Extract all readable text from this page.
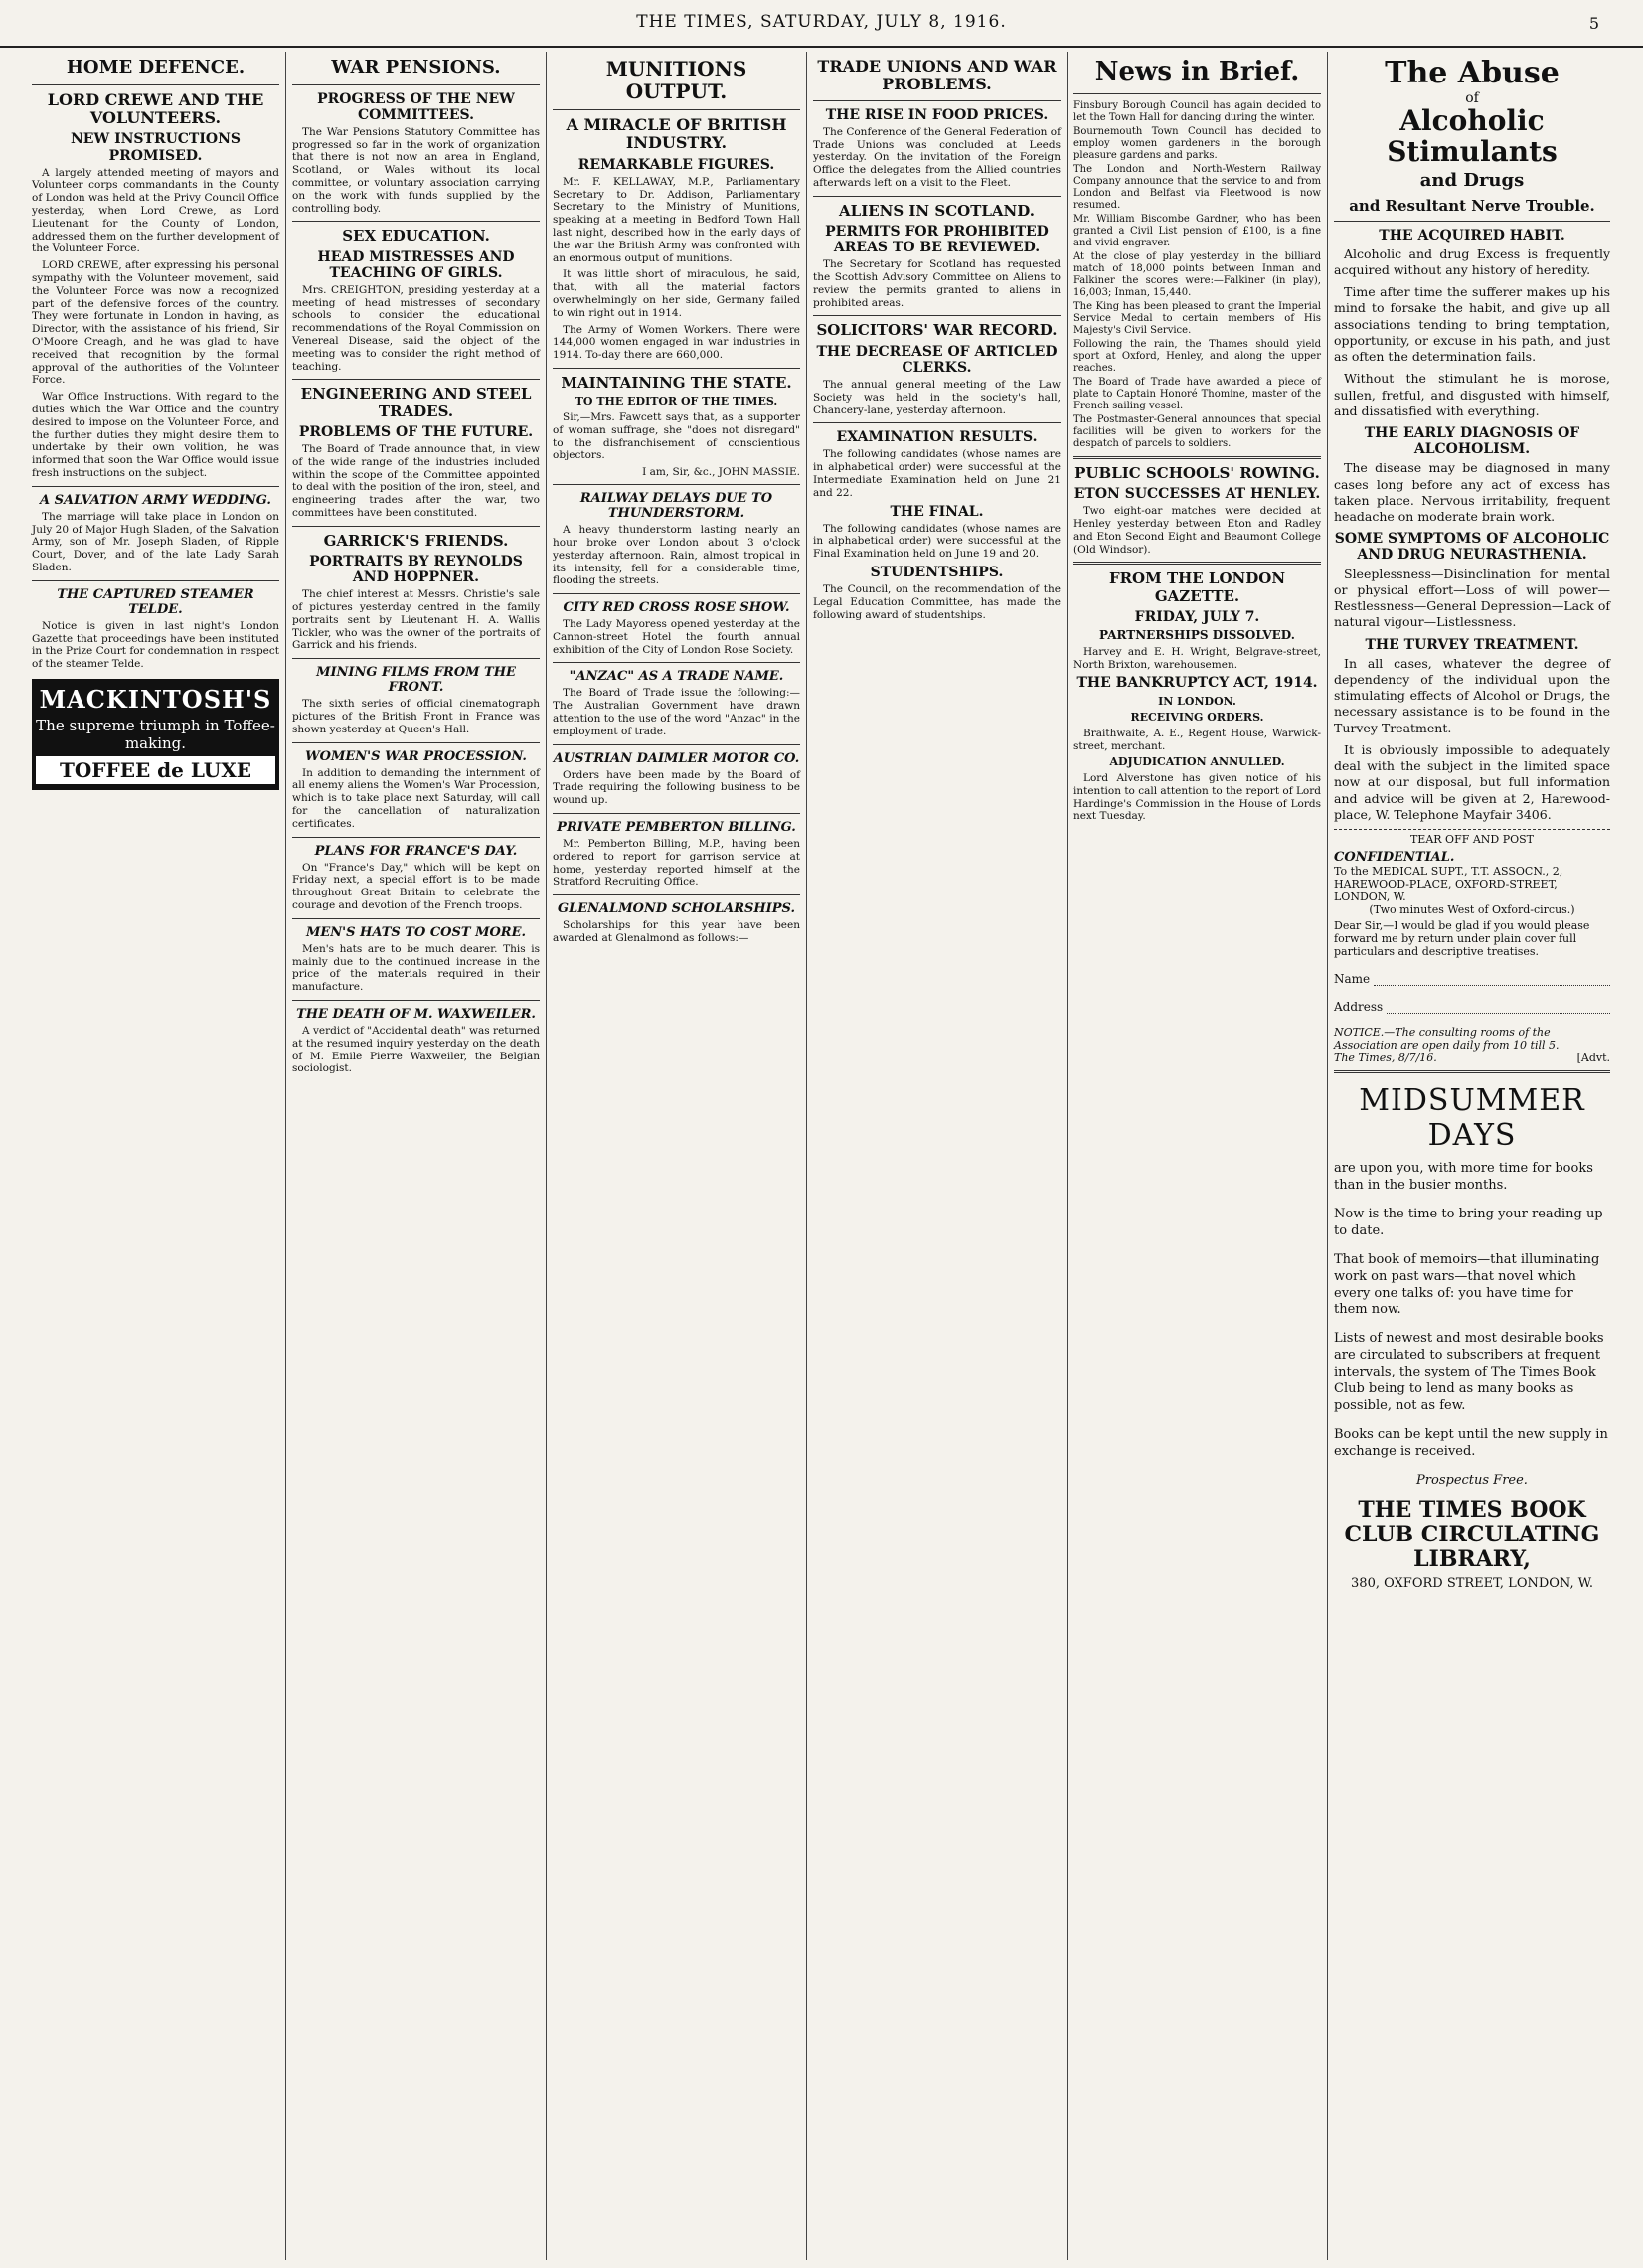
THE TIMES, SATURDAY, JULY 8, 1916.	5
HOME DEFENCE.
LORD CREWE AND THE VOLUNTEERS.
NEW INSTRUCTIONS PROMISED.

A largely attended meeting of mayors and Volunteer corps commandants in the County of London was held at the Privy Council Office yesterday, when Lord Crewe, as Lord Lieutenant for the County of London, addressed them on the further development of the Volunteer Force.

LORD CREWE, after expressing his personal sympathy with the Volunteer movement, said the Volunteer Force was now a recognized part of the defensive forces of the country. They were fortunate in London in having, as Director, with the assistance of his friend, Sir O'Moore Creagh, and he was glad to have received that recognition by the formal approval of the authorities of the Volunteer Force.

War Office Instructions. With regard to the duties which the War Office and the country desired to impose on the Volunteer Force, and the further duties they might desire them to undertake by their own volition, he was informed that soon the War Office would issue fresh instructions on the subject.

A SALVATION ARMY WEDDING.

The marriage will take place in London on July 20 of Major Hugh Sladen, of the Salvation Army, son of Mr. Joseph Sladen, of Ripple Court, Dover, and of the late Lady Sarah Sladen.

THE CAPTURED STEAMER TELDE.

Notice is given in last night's London Gazette that proceedings have been instituted in the Prize Court for condemnation in respect of the steamer Telde.

MACKINTOSH'S
The supreme triumph in Toffee-making.
TOFFEE de LUXE
WAR PENSIONS.
PROGRESS OF THE NEW COMMITTEES.

The War Pensions Statutory Committee has progressed so far in the work of organization that there is not now an area in England, Scotland, or Wales without its local committee, or voluntary association carrying on the work with funds supplied by the controlling body.

SEX EDUCATION.
HEAD MISTRESSES AND TEACHING OF GIRLS.

Mrs. CREIGHTON, presiding yesterday at a meeting of head mistresses of secondary schools to consider the educational recommendations of the Royal Commission on Venereal Disease, said the object of the meeting was to consider the right method of teaching.

ENGINEERING AND STEEL TRADES.
PROBLEMS OF THE FUTURE.

The Board of Trade announce that, in view of the wide range of the industries included within the scope of the Committee appointed to deal with the position of the iron, steel, and engineering trades after the war, two committees have been constituted.

GARRICK'S FRIENDS.
PORTRAITS BY REYNOLDS AND HOPPNER.

The chief interest at Messrs. Christie's sale of pictures yesterday centred in the family portraits sent by Lieutenant H. A. Wallis Tickler, who was the owner of the portraits of Garrick and his friends.

MINING FILMS FROM THE FRONT.

The sixth series of official cinematograph pictures of the British Front in France was shown yesterday at Queen's Hall.

WOMEN'S WAR PROCESSION.

In addition to demanding the internment of all enemy aliens the Women's War Procession, which is to take place next Saturday, will call for the cancellation of naturalization certificates.

PLANS FOR FRANCE'S DAY.

On "France's Day," which will be kept on Friday next, a special effort is to be made throughout Great Britain to celebrate the courage and devotion of the French troops.

MEN'S HATS TO COST MORE.

Men's hats are to be much dearer. This is mainly due to the continued increase in the price of the materials required in their manufacture.

THE DEATH OF M. WAXWEILER.

A verdict of "Accidental death" was returned at the resumed inquiry yesterday on the death of M. Emile Pierre Waxweiler, the Belgian sociologist.

MUNITIONS OUTPUT.
A MIRACLE OF BRITISH INDUSTRY.
REMARKABLE FIGURES.

Mr. F. KELLAWAY, M.P., Parliamentary Secretary to Dr. Addison, Parliamentary Secretary to the Ministry of Munitions, speaking at a meeting in Bedford Town Hall last night, described how in the early days of the war the British Army was confronted with an enormous output of munitions.

It was little short of miraculous, he said, that, with all the material factors overwhelmingly on her side, Germany failed to win right out in 1914.

The Army of Women Workers. There were 144,000 women engaged in war industries in 1914. To-day there are 660,000.

MAINTAINING THE STATE.
TO THE EDITOR OF THE TIMES.

Sir,—Mrs. Fawcett says that, as a supporter of woman suffrage, she "does not disregard" to the disfranchisement of conscientious objectors.

I am, Sir, &c., JOHN MASSIE.

RAILWAY DELAYS DUE TO THUNDERSTORM.

A heavy thunderstorm lasting nearly an hour broke over London about 3 o'clock yesterday afternoon. Rain, almost tropical in its intensity, fell for a considerable time, flooding the streets.

CITY RED CROSS ROSE SHOW.

The Lady Mayoress opened yesterday at the Cannon-street Hotel the fourth annual exhibition of the City of London Rose Society.

"ANZAC" AS A TRADE NAME.

The Board of Trade issue the following:— The Australian Government have drawn attention to the use of the word "Anzac" in the employment of trade.

AUSTRIAN DAIMLER MOTOR CO.

Orders have been made by the Board of Trade requiring the following business to be wound up.

PRIVATE PEMBERTON BILLING.

Mr. Pemberton Billing, M.P., having been ordered to report for garrison service at home, yesterday reported himself at the Stratford Recruiting Office.

GLENALMOND SCHOLARSHIPS.

Scholarships for this year have been awarded at Glenalmond as follows:—

TRADE UNIONS AND WAR PROBLEMS.
THE RISE IN FOOD PRICES.

The Conference of the General Federation of Trade Unions was concluded at Leeds yesterday. On the invitation of the Foreign Office the delegates from the Allied countries afterwards left on a visit to the Fleet.

ALIENS IN SCOTLAND.
PERMITS FOR PROHIBITED AREAS TO BE REVIEWED.

The Secretary for Scotland has requested the Scottish Advisory Committee on Aliens to review the permits granted to aliens in prohibited areas.

SOLICITORS' WAR RECORD.
THE DECREASE OF ARTICLED CLERKS.

The annual general meeting of the Law Society was held in the society's hall, Chancery-lane, yesterday afternoon.

EXAMINATION RESULTS.

The following candidates (whose names are in alphabetical order) were successful at the Intermediate Examination held on June 21 and 22.

THE FINAL.

The following candidates (whose names are in alphabetical order) were successful at the Final Examination held on June 19 and 20.

STUDENTSHIPS.

The Council, on the recommendation of the Legal Education Committee, has made the following award of studentships.

News in Brief.
Finsbury Borough Council has again decided to let the Town Hall for dancing during the winter.
Bournemouth Town Council has decided to employ women gardeners in the borough pleasure gardens and parks.
The London and North-Western Railway Company announce that the service to and from London and Belfast via Fleetwood is now resumed.
Mr. William Biscombe Gardner, who has been granted a Civil List pension of £100, is a fine and vivid engraver.
At the close of play yesterday in the billiard match of 18,000 points between Inman and Falkiner the scores were:—Falkiner (in play), 16,003; Inman, 15,440.
The King has been pleased to grant the Imperial Service Medal to certain members of His Majesty's Civil Service.
Following the rain, the Thames should yield sport at Oxford, Henley, and along the upper reaches.
The Board of Trade have awarded a piece of plate to Captain Honoré Thomine, master of the French sailing vessel.
The Postmaster-General announces that special facilities will be given to workers for the despatch of parcels to soldiers.
PUBLIC SCHOOLS' ROWING.
ETON SUCCESSES AT HENLEY.

Two eight-oar matches were decided at Henley yesterday between Eton and Radley and Eton Second Eight and Beaumont College (Old Windsor).

FROM THE LONDON GAZETTE.
FRIDAY, JULY 7.
PARTNERSHIPS DISSOLVED.

Harvey and E. H. Wright, Belgrave-street, North Brixton, warehousemen.

THE BANKRUPTCY ACT, 1914.
IN LONDON.
RECEIVING ORDERS.

Braithwaite, A. E., Regent House, Warwick-street, merchant.

ADJUDICATION ANNULLED.

Lord Alverstone has given notice of his intention to call attention to the report of Lord Hardinge's Commission in the House of Lords next Tuesday.

The Abuse
of
Alcoholic Stimulants
and Drugs
and Resultant Nerve Trouble.
THE ACQUIRED HABIT.

Alcoholic and drug Excess is frequently acquired without any history of heredity.

Time after time the sufferer makes up his mind to forsake the habit, and give up all associations tending to bring temptation, opportunity, or excuse in his path, and just as often the determination fails.

Without the stimulant he is morose, sullen, fretful, and disgusted with himself, and dissatisfied with everything.

THE EARLY DIAGNOSIS OF ALCOHOLISM.

The disease may be diagnosed in many cases long before any act of excess has taken place. Nervous irritability, frequent headache on moderate brain work.

SOME SYMPTOMS OF ALCOHOLIC AND DRUG NEURASTHENIA.

Sleeplessness—Disinclination for mental or physical effort—Loss of will power—Restlessness—General Depression—Lack of natural vigour—Listlessness.

THE TURVEY TREATMENT.

In all cases, whatever the degree of dependency of the individual upon the stimulating effects of Alcohol or Drugs, the necessary assistance is to be found in the Turvey Treatment.

It is obviously impossible to adequately deal with the subject in the limited space now at our disposal, but full information and advice will be given at 2, Harewood-place, W. Telephone Mayfair 3406.

TEAR OFF AND POST
CONFIDENTIAL.
To the MEDICAL SUPT., T.T. ASSOCN., 2, HAREWOOD-PLACE, OXFORD-STREET, LONDON, W.
(Two minutes West of Oxford-circus.)
Dear Sir,—I would be glad if you would please forward me by return under plain cover full particulars and descriptive treatises.
Name
Address
NOTICE.—The consulting rooms of the Association are open daily from 10 till 5.
The Times, 8/7/16.	[Advt.
MIDSUMMER DAYS

are upon you, with more time for books than in the busier months.

Now is the time to bring your reading up to date.

That book of memoirs—that illuminating work on past wars—that novel which every one talks of: you have time for them now.

Lists of newest and most desirable books are circulated to subscribers at frequent intervals, the system of The Times Book Club being to lend as many books as possible, not as few.

Books can be kept until the new supply in exchange is received.

Prospectus Free.
THE TIMES BOOK CLUB CIRCULATING LIBRARY,
380, OXFORD STREET, LONDON, W.
